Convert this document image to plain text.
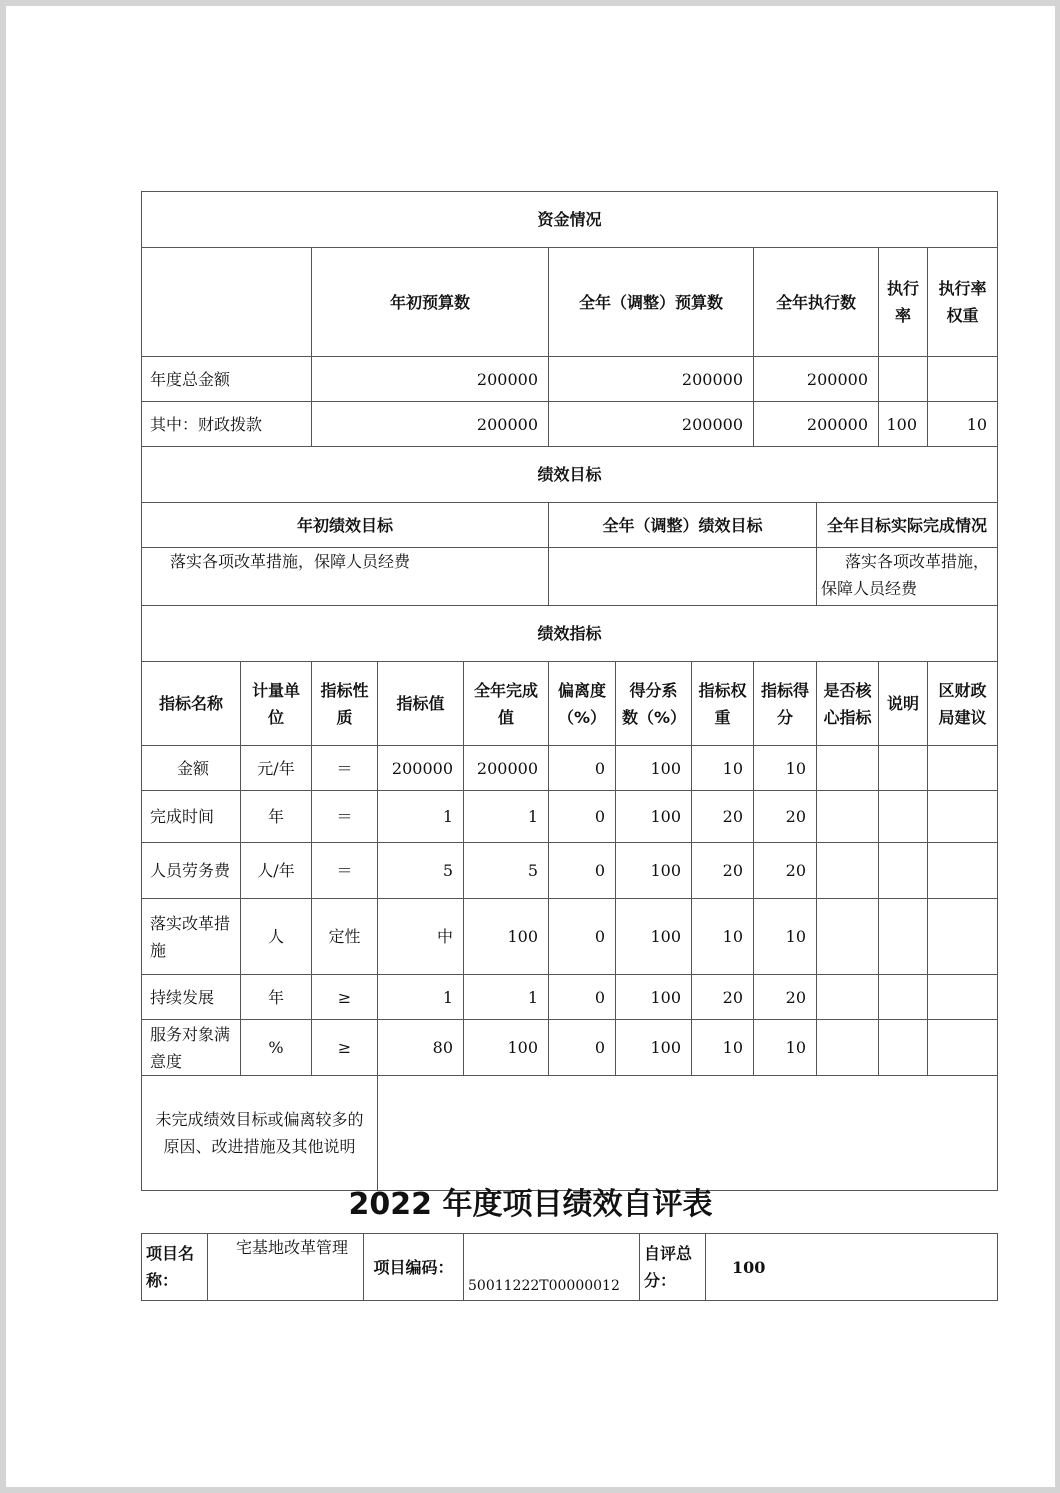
资金情况												
		年初预算数			全年（调整）预算数			全年执行数		执行率	执行率权重	
年度总金额		200000			200000			200000				
其中：财政拨款		200000			200000			200000		100	10	
绩效目标												
年初绩效目标					全年（调整）绩效目标				全年目标实际完成情况			
落实各项改革措施，保障人员经费									落实各项改革措施，保障人员经费			
绩效指标												
指标名称	计量单位	指标性质	指标值	全年完成值	偏离度（%）	得分系数（%）	指标权重	指标得分	是否核心指标	说明	区财政局建议	
金额	元/年	＝	200000	200000	0	100	10	10				
完成时间	年	＝	1	1	0	100	20	20				
人员劳务费	人/年	＝	5	5	0	100	20	20				
落实改革措施	人	定性	中	100	0	100	10	10				
持续发展	年	≥	1	1	0	100	20	20				
服务对象满意度	%	≥	80	100	0	100	10	10				
未完成绩效目标或偏离较多的原因、改进措施及其他说明												
2022 年度项目绩效自评表
项目名称：	宅基地改革管理	项目编码：	50011222T00000012	自评总分：	100
